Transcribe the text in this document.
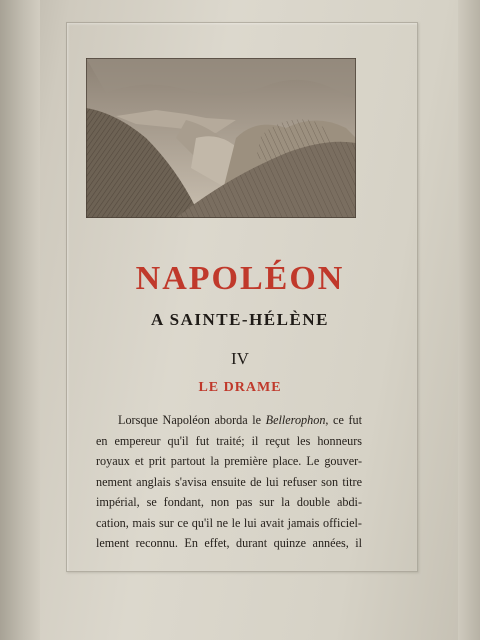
NAPOLÉON
A SAINTE-HÉLÈNE
IV
LE DRAME
Lorsque Napoléon aborda le Bellerophon, ce fut
en empereur qu'il fut traité; il reçut les honneurs
royaux et prit partout la première place. Le gouver-
nement anglais s'avisa ensuite de lui refuser son titre
impérial, se fondant, non pas sur la double abdi-
cation, mais sur ce qu'il ne le lui avait jamais officiel-
lement reconnu. En effet, durant quinze années, il
